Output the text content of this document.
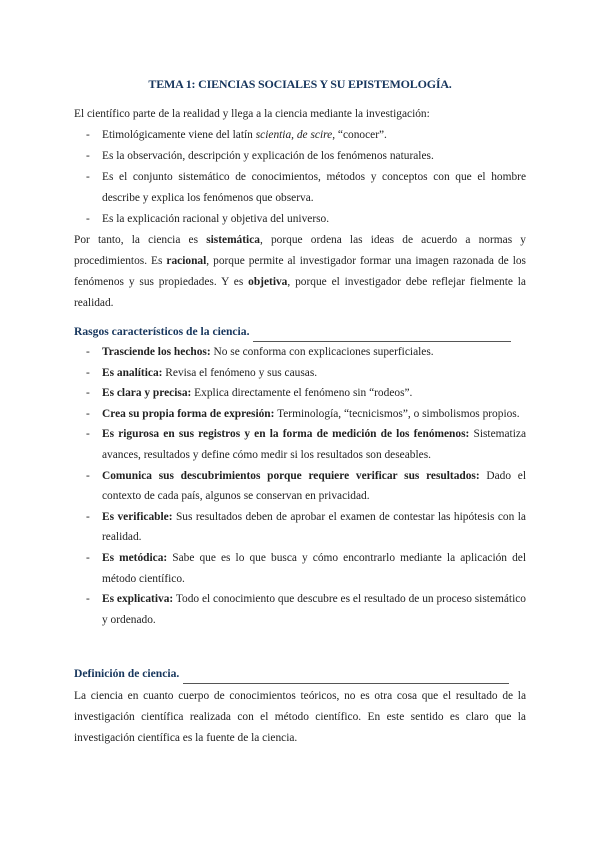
TEMA 1: CIENCIAS SOCIALES Y SU EPISTEMOLOGÍA.

El científico parte de la realidad y llega a la ciencia mediante la investigación:

- Etimológicamente viene del latín scientia, de scire, “conocer”.
- Es la observación, descripción y explicación de los fenómenos naturales.
- Es el conjunto sistemático de conocimientos, métodos y conceptos con que el hombre describe y explica los fenómenos que observa.
- Es la explicación racional y objetiva del universo.

Por tanto, la ciencia es sistemática, porque ordena las ideas de acuerdo a normas y procedimientos. Es racional, porque permite al investigador formar una imagen razonada de los fenómenos y sus propiedades. Y es objetiva, porque el investigador debe reflejar fielmente la realidad.

Rasgos característicos de la ciencia.
- Trasciende los hechos: No se conforma con explicaciones superficiales.
- Es analítica: Revisa el fenómeno y sus causas.
- Es clara y precisa: Explica directamente el fenómeno sin “rodeos”.
- Crea su propia forma de expresión: Terminología, “tecnicismos”, o simbolismos propios.
- Es rigurosa en sus registros y en la forma de medición de los fenómenos: Sistematiza avances, resultados y define cómo medir si los resultados son deseables.
- Comunica sus descubrimientos porque requiere verificar sus resultados: Dado el contexto de cada país, algunos se conservan en privacidad.
- Es verificable: Sus resultados deben de aprobar el examen de contestar las hipótesis con la realidad.
- Es metódica: Sabe que es lo que busca y cómo encontrarlo mediante la aplicación del método científico.
- Es explicativa: Todo el conocimiento que descubre es el resultado de un proceso sistemático y ordenado.
Definición de ciencia.

La ciencia en cuanto cuerpo de conocimientos teóricos, no es otra cosa que el resultado de la investigación científica realizada con el método científico. En este sentido es claro que la investigación científica es la fuente de la ciencia.
